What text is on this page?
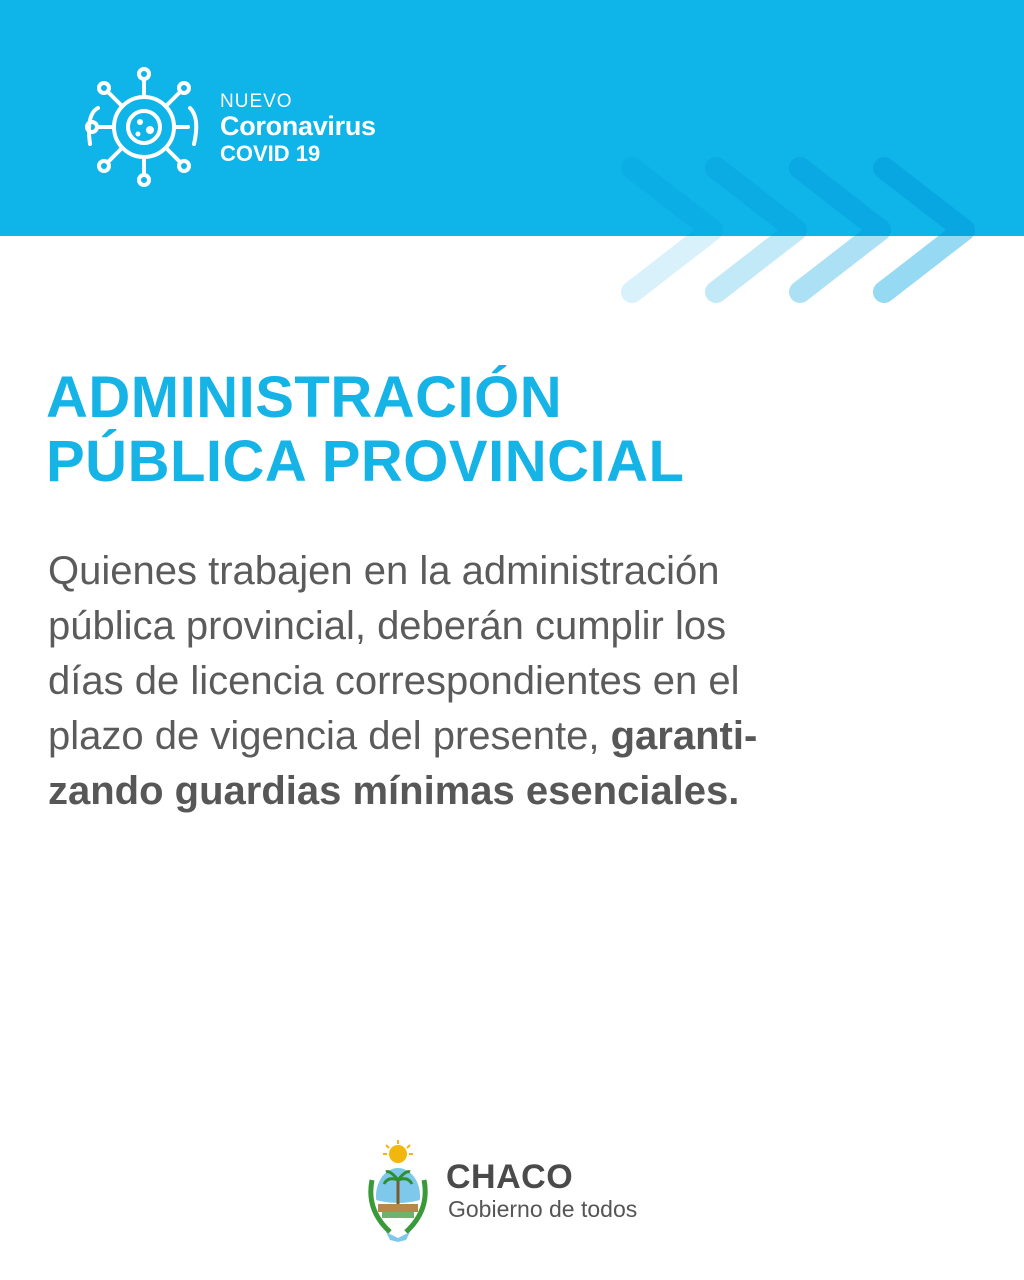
NUEVO
Coronavirus
COVID 19
ADMINISTRACIÓN
PÚBLICA PROVINCIAL

Quienes trabajen en la administración
pública provincial, deberán cumplir los
días de licencia correspondientes en el
plazo de vigencia del presente, garanti-
zando guardias mínimas esenciales.

CHACO
Gobierno de todos
